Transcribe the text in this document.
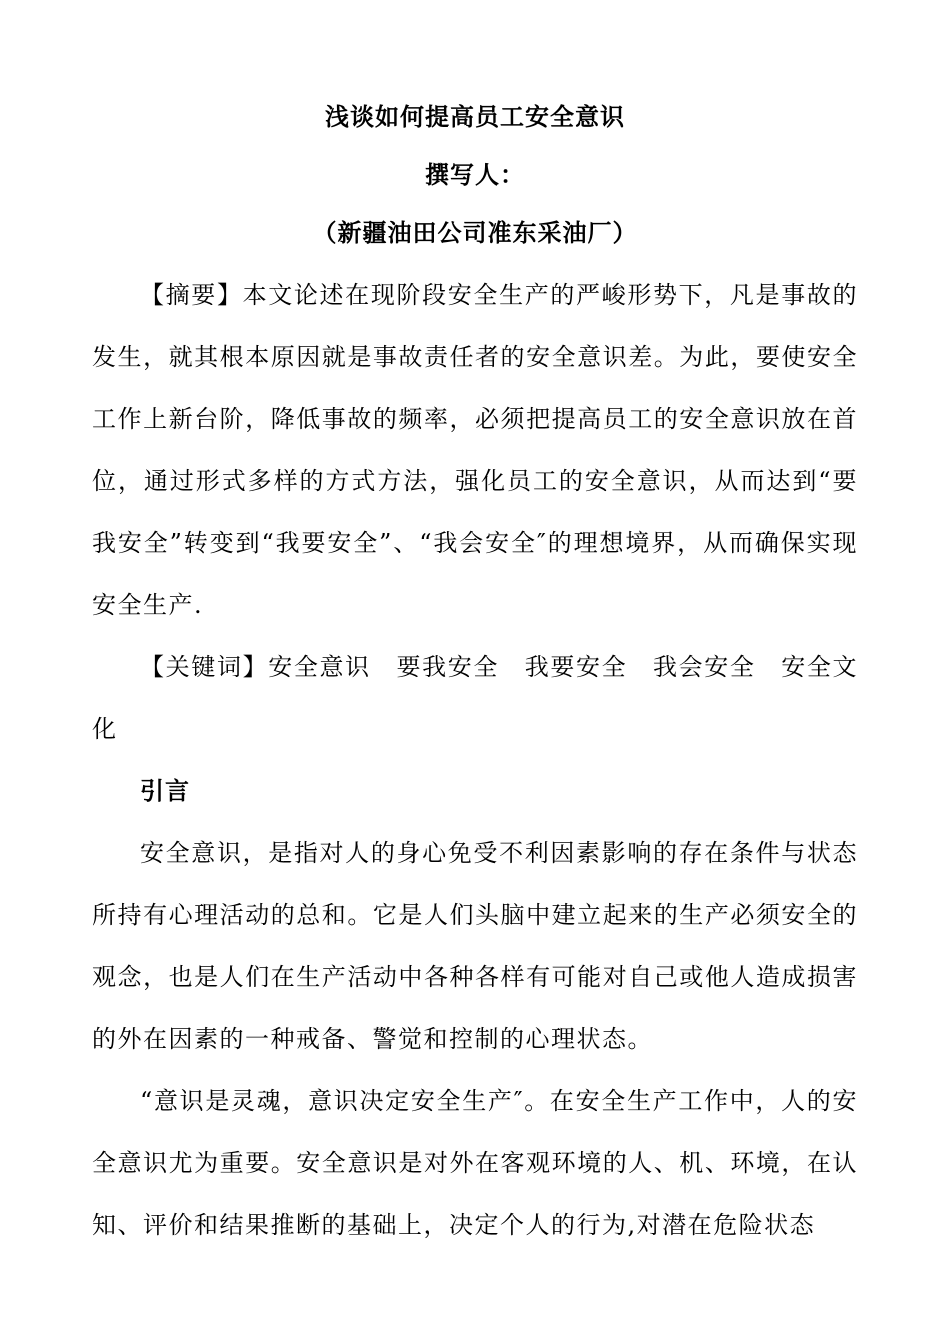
浅谈如何提高员工安全意识
撰写人：
（新疆油田公司准东采油厂）

【摘要】本文论述在现阶段安全生产的严峻形势下，凡是事故的发生，就其根本原因就是事故责任者的安全意识差。为此，要使安全工作上新台阶，降低事故的频率，必须把提高员工的安全意识放在首位，通过形式多样的方式方法，强化员工的安全意识，从而达到“要我安全”转变到“我要安全”、“我会安全″的理想境界，从而确保实现安全生产.

【关键词】安全意识　要我安全　我要安全　我会安全　安全文化

引言

安全意识，是指对人的身心免受不利因素影响的存在条件与状态所持有心理活动的总和。它是人们头脑中建立起来的生产必须安全的观念，也是人们在生产活动中各种各样有可能对自己或他人造成损害的外在因素的一种戒备、警觉和控制的心理状态。

“意识是灵魂，意识决定安全生产″。在安全生产工作中，人的安全意识尤为重要。安全意识是对外在客观环境的人、机、环境，在认知、评价和结果推断的基础上，决定个人的行为,对潜在危险状态
